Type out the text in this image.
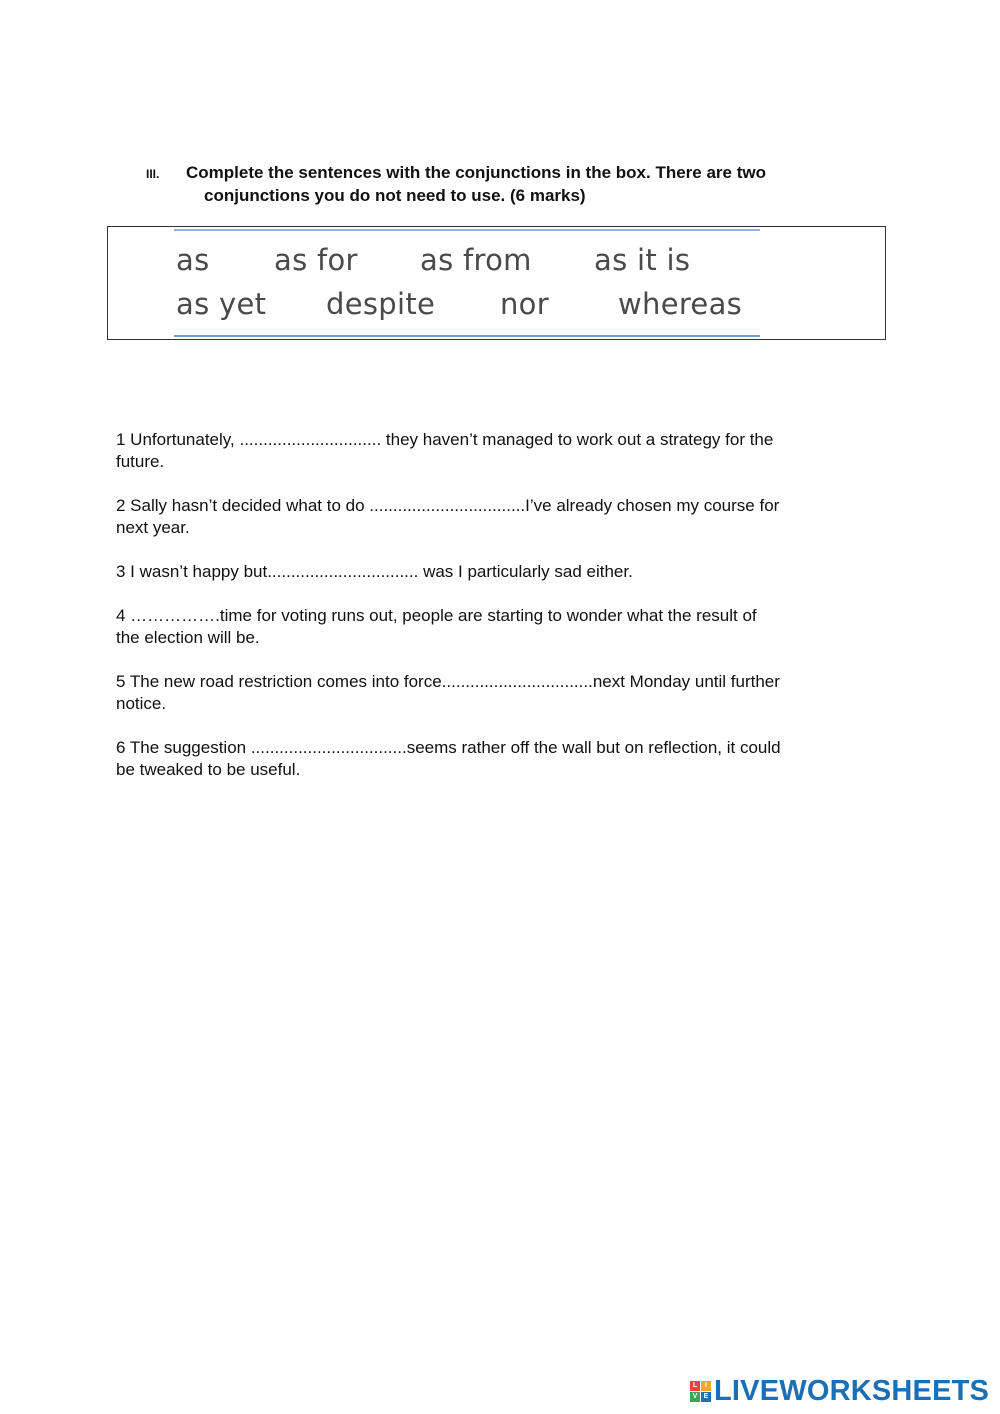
III. Complete the sentences with the conjunctions in the box. There are two
conjunctions you do not need to use. (6 marks)
as as for as from as it is
as yet despite nor whereas

1 Unfortunately, .............................. they haven’t managed to work out a strategy for the
future.

2 Sally hasn’t decided what to do .................................I’ve already chosen my course for
next year.

3 I wasn’t happy but................................ was I particularly sad either.

4 …………….time for voting runs out, people are starting to wonder what the result of
the election will be.

5 The new road restriction comes into force................................next Monday until further
notice.

6 The suggestion .................................seems rather off the wall but on reflection, it could
be tweaked to be useful.

L	I
V E LIVEWORKSHEETS
